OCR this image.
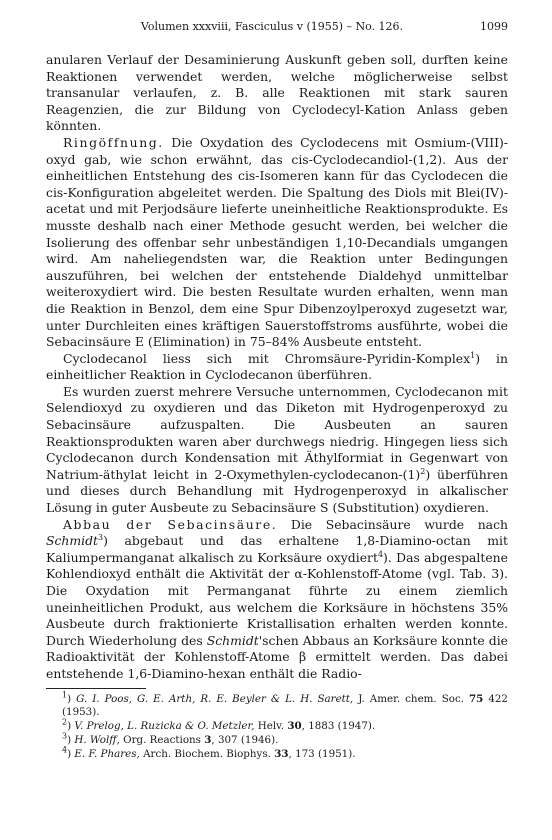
Volumen xxxviii, Fasciculus v (1955) – No. 126.	1099

anularen Verlauf der Desaminierung Auskunft geben soll, durften keine Reaktionen verwendet werden, welche möglicherweise selbst transanular verlaufen, z. B. alle Reaktionen mit stark sauren Reagenzien, die zur Bildung von Cyclodecyl-Kation Anlass geben könnten.

Ringöffnung. Die Oxydation des Cyclodecens mit Osmium-(VIII)-oxyd gab, wie schon erwähnt, das cis-Cyclodecandiol-(1,2). Aus der einheitlichen Entstehung des cis-Isomeren kann für das Cyclodecen die cis-Konfiguration abgeleitet werden. Die Spaltung des Diols mit Blei(IV)-acetat und mit Perjodsäure lieferte uneinheitliche Reaktionsprodukte. Es musste deshalb nach einer Methode gesucht werden, bei welcher die Isolierung des offenbar sehr unbeständigen 1,10-Decandials umgangen wird. Am naheliegendsten war, die Reaktion unter Bedingungen auszuführen, bei welchen der entstehende Dialdehyd unmittelbar weiteroxydiert wird. Die besten Resultate wurden erhalten, wenn man die Reaktion in Benzol, dem eine Spur Dibenzoylperoxyd zugesetzt war, unter Durchleiten eines kräftigen Sauerstoffstroms ausführte, wobei die Sebacinsäure E (Elimination) in 75–84% Ausbeute entsteht.

Cyclodecanol liess sich mit Chromsäure-Pyridin-Komplex$^1$) in einheitlicher Reaktion in Cyclodecanon überführen.

Es wurden zuerst mehrere Versuche unternommen, Cyclodecanon mit Selendioxyd zu oxydieren und das Diketon mit Hydrogenperoxyd zu Sebacinsäure aufzuspalten. Die Ausbeuten an sauren Reaktionsprodukten waren aber durchwegs niedrig. Hingegen liess sich Cyclodecanon durch Kondensation mit Äthylformiat in Gegenwart von Natrium-äthylat leicht in $2-Oxymethylen-cyclodecanon-(1)^2$) überführen und dieses durch Behandlung mit Hydrogenperoxyd in alkalischer Lösung in guter Ausbeute zu Sebacinsäure S (Substitution) oxydieren.

Abbau der Sebacinsäure. Die Sebacinsäure wurde nach Schmidt$^3$) abgebaut und das erhaltene 1,8-Diamino-octan mit Kaliumpermanganat alkalisch zu Korksäure oxydiert$^4$). Das abgespaltene Kohlendioxyd enthält die Aktivität der α-Kohlenstoff-Atome (vgl. Tab. 3). Die Oxydation mit Permanganat führte zu einem ziemlich uneinheitlichen Produkt, aus welchem die Korksäure in höchstens 35% Ausbeute durch fraktionierte Kristallisation erhalten werden konnte. Durch Wiederholung des Schmidt'schen Abbaus an Korksäure konnte die Radioaktivität der Kohlenstoff-Atome β ermittelt werden. Das dabei entstehende 1,6-Diamino-hexan enthält die Radio-

$^1$) G. I. Poos, G. E. Arth, R. E. Beyler & L. H. Sarett, J. Amer. chem. Soc. 75 422 (1953).

$^2$) V. Prelog, L. Ruzicka & O. Metzler, Helv. 30, 1883 (1947).

$^3$) H. Wolff, Org. Reactions 3, 307 (1946).

$^4$) E. F. Phares, Arch. Biochem. Biophys. 33, 173 (1951).
